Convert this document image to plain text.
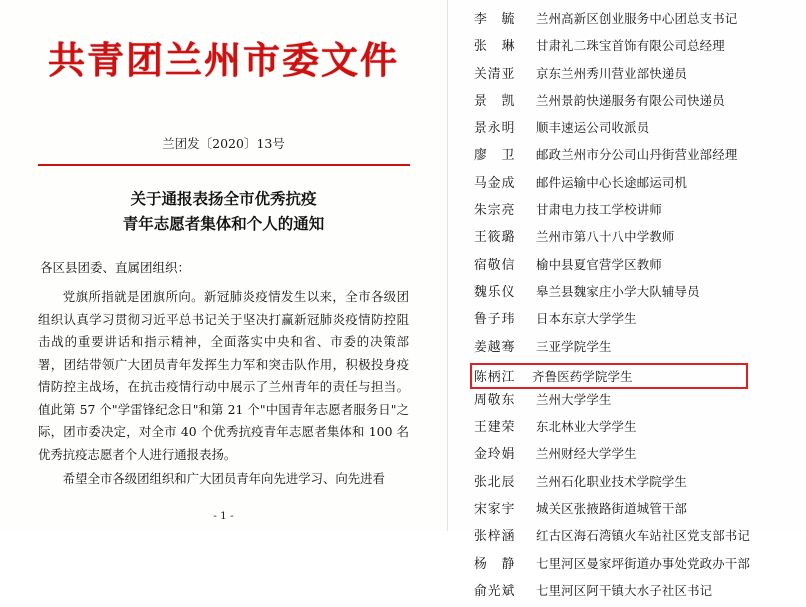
共青团兰州市委文件
兰团发〔2020〕13号
关于通报表扬全市优秀抗疫
青年志愿者集体和个人的通知
各区县团委、直属团组织：

党旗所指就是团旗所向。新冠肺炎疫情发生以来，全市各级团组织认真学习贯彻习近平总书记关于坚决打赢新冠肺炎疫情防控阻击战的重要讲话和指示精神，全面落实中央和省、市委的决策部署，团结带领广大团员青年发挥生力军和突击队作用，积极投身疫情防控主战场，在抗击疫情行动中展示了兰州青年的责任与担当。值此第 57 个"学雷锋纪念日"和第 21 个"中国青年志愿者服务日"之际，团市委决定，对全市 40 个优秀抗疫青年志愿者集体和 100 名优秀抗疫志愿者个人进行通报表扬。

希望全市各级团组织和广大团员青年向先进学习、向先进看

- 1 -
李　毓	兰州高新区创业服务中心团总支书记
张　琳	甘肃礼二珠宝首饰有限公司总经理
关清亚	京东兰州秀川营业部快递员
景　凯	兰州景韵快递服务有限公司快递员
景永明	顺丰速运公司收派员
廖　卫	邮政兰州市分公司山丹街营业部经理
马金成	邮件运输中心长途邮运司机
朱宗亮	甘肃电力技工学校讲师
王筱璐	兰州市第八十八中学教师
宿敬信	榆中县夏官营学区教师
魏乐仪	皋兰县魏家庄小学大队辅导员
鲁子玮	日本东京大学学生
姜越骞	三亚学院学生
陈柄江	齐鲁医药学院学生
周敬东	兰州大学学生
王建荣	东北林业大学学生
金玲娟	兰州财经大学学生
张北辰	兰州石化职业技术学院学生
宋家宇	城关区张掖路街道城管干部
张梓涵	红古区海石湾镇火车站社区党支部书记
杨　静	七里河区曼家坪街道办事处党政办干部
俞光斌	七里河区阿干镇大水子社区书记
